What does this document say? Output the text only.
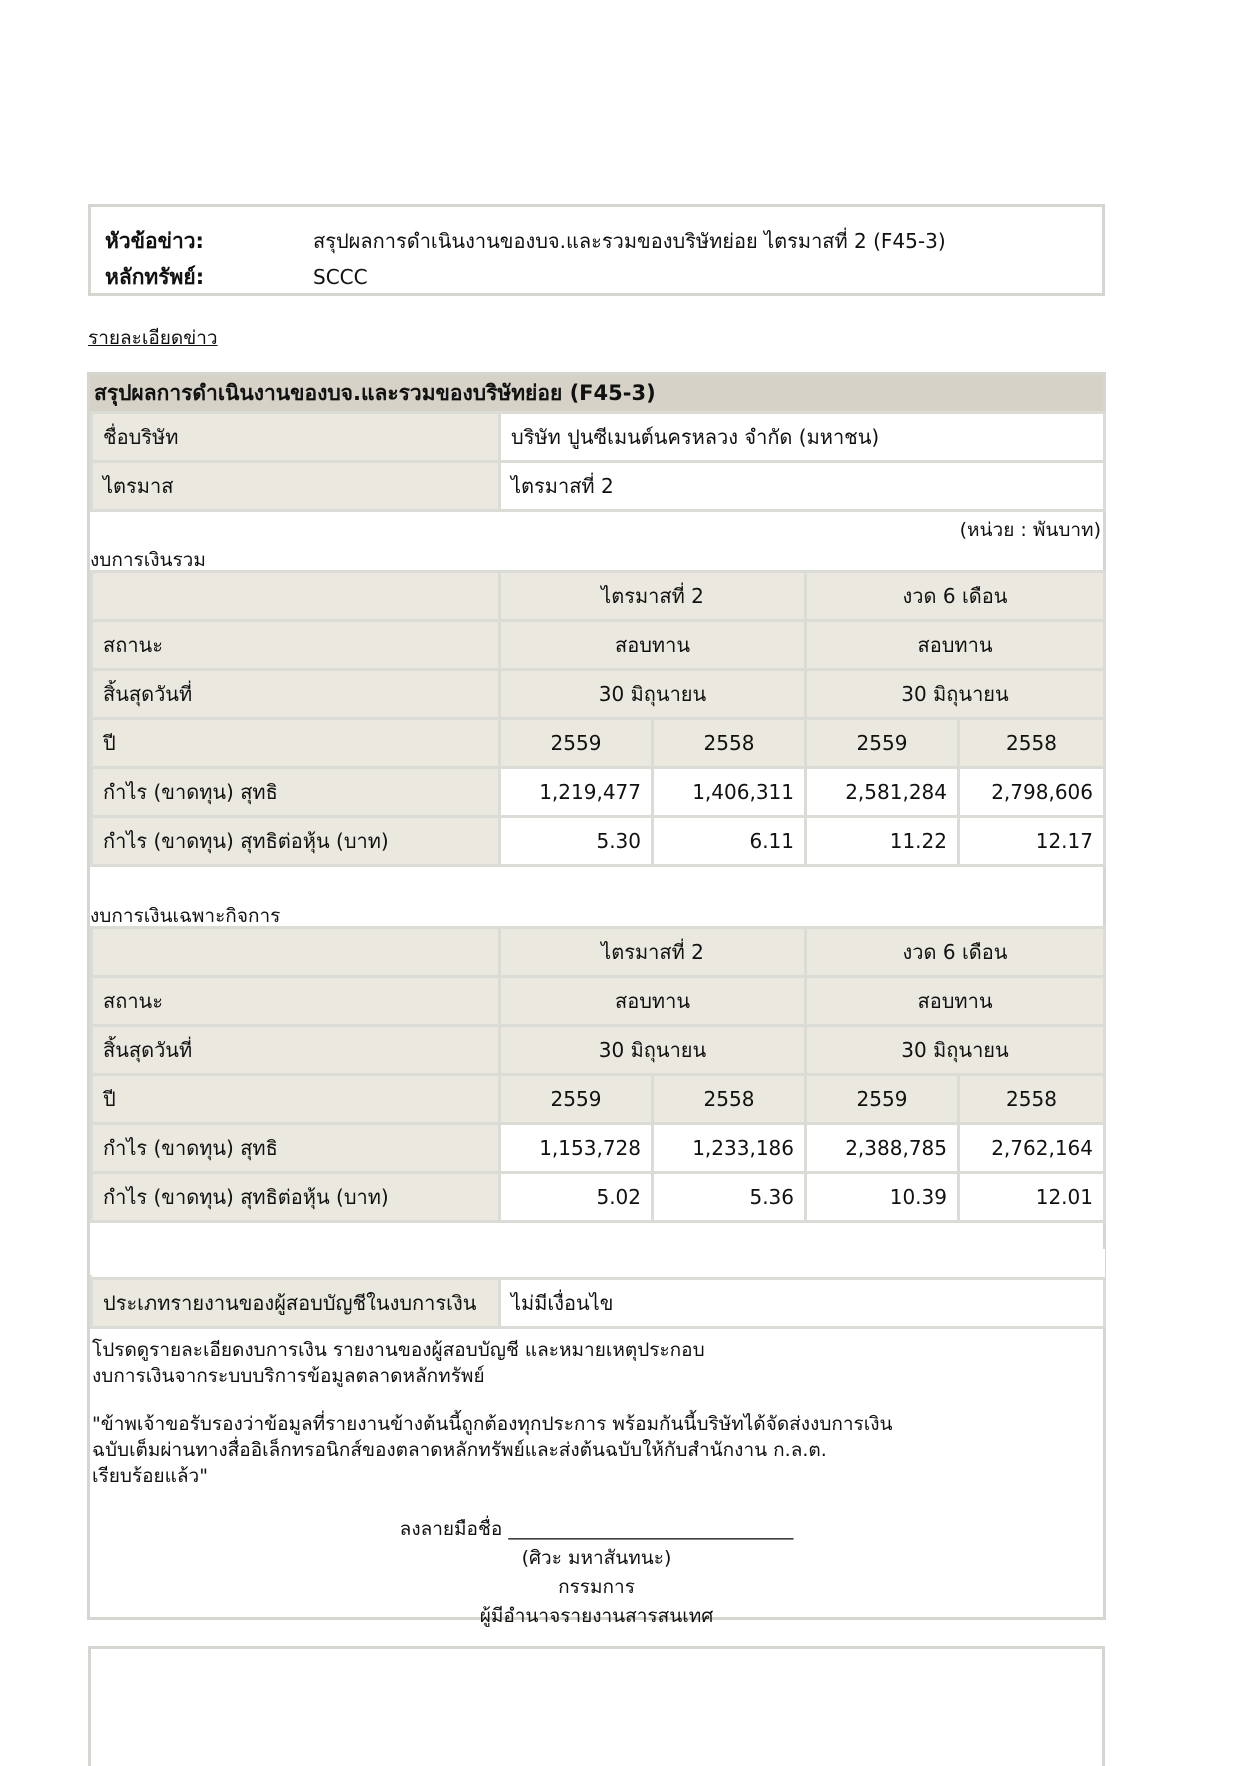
หัวข้อข่าว:	สรุปผลการดำเนินงานของบจ.และรวมของบริษัทย่อย ไตรมาสที่ 2 (F45-3)
หลักทรัพย์:	SCCC
รายละเอียดข่าว
สรุปผลการดำเนินงานของบจ.และรวมของบริษัทย่อย (F45-3)
ชื่อบริษัท	บริษัท ปูนซีเมนต์นครหลวง จำกัด (มหาชน)
ไตรมาส	ไตรมาสที่ 2
(หน่วย : พันบาท)
งบการเงินรวม
	ไตรมาสที่ 2		งวด 6 เดือน	
สถานะ	สอบทาน		สอบทาน	
สิ้นสุดวันที่	30 มิถุนายน		30 มิถุนายน	
ปี	2559	2558	2559	2558
กำไร (ขาดทุน) สุทธิ	1,219,477	1,406,311	2,581,284	2,798,606
กำไร (ขาดทุน) สุทธิต่อหุ้น (บาท)	5.30	6.11	11.22	12.17
งบการเงินเฉพาะกิจการ
	ไตรมาสที่ 2		งวด 6 เดือน	
สถานะ	สอบทาน		สอบทาน	
สิ้นสุดวันที่	30 มิถุนายน		30 มิถุนายน	
ปี	2559	2558	2559	2558
กำไร (ขาดทุน) สุทธิ	1,153,728	1,233,186	2,388,785	2,762,164
กำไร (ขาดทุน) สุทธิต่อหุ้น (บาท)	5.02	5.36	10.39	12.01

ประเภทรายงานของผู้สอบบัญชีในงบการเงิน	ไม่มีเงื่อนไข
โปรดดูรายละเอียดงบการเงิน รายงานของผู้สอบบัญชี และหมายเหตุประกอบ
งบการเงินจากระบบบริการข้อมูลตลาดหลักทรัพย์
"ข้าพเจ้าขอรับรองว่าข้อมูลที่รายงานข้างต้นนี้ถูกต้องทุกประการ พร้อมกันนี้บริษัทได้จัดส่งงบการเงิน
ฉบับเต็มผ่านทางสื่ออิเล็กทรอนิกส์ของตลาดหลักทรัพย์และส่งต้นฉบับให้กับสำนักงาน ก.ล.ต.
เรียบร้อยแล้ว"
ลงลายมือชื่อ ______________________________
(ศิวะ มหาสันทนะ)
กรรมการ
ผู้มีอำนาจรายงานสารสนเทศ
